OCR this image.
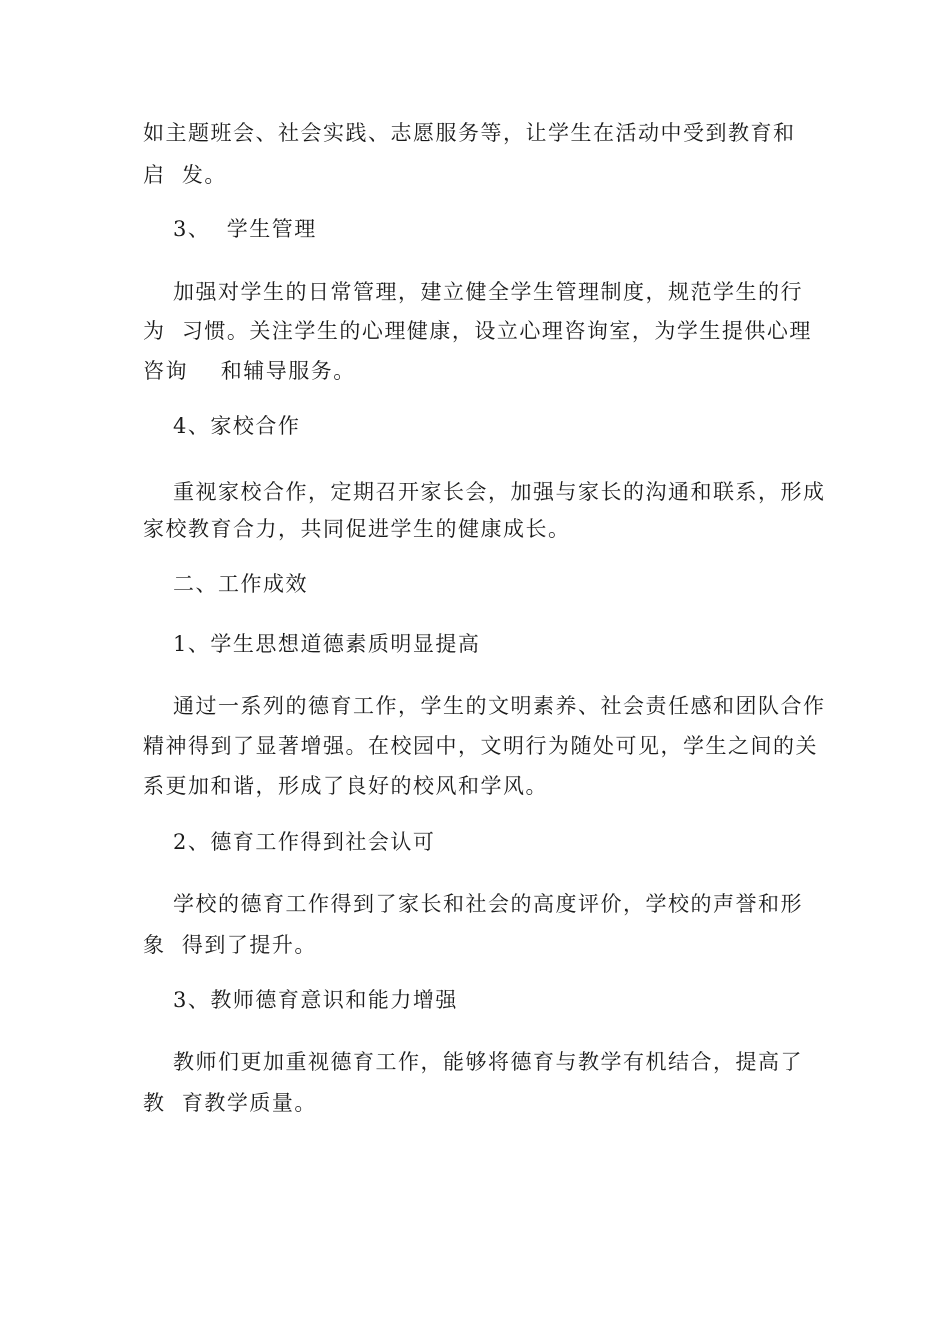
如主题班会、社会实践、志愿服务等，让学生在活动中受到教育和
启  发。
3、  学生管理
加强对学生的日常管理，建立健全学生管理制度，规范学生的行
为  习惯。关注学生的心理健康，设立心理咨询室，为学生提供心理
咨询    和辅导服务。
4、家校合作
重视家校合作，定期召开家长会，加强与家长的沟通和联系，形成
家校教育合力，共同促进学生的健康成长。
二、工作成效
1、学生思想道德素质明显提高
通过一系列的德育工作，学生的文明素养、社会责任感和团队合作
精神得到了显著增强。在校园中，文明行为随处可见，学生之间的关
系更加和谐，形成了良好的校风和学风。
2、德育工作得到社会认可
学校的德育工作得到了家长和社会的高度评价，学校的声誉和形
象  得到了提升。
3、教师德育意识和能力增强
教师们更加重视德育工作，能够将德育与教学有机结合，提高了
教  育教学质量。
